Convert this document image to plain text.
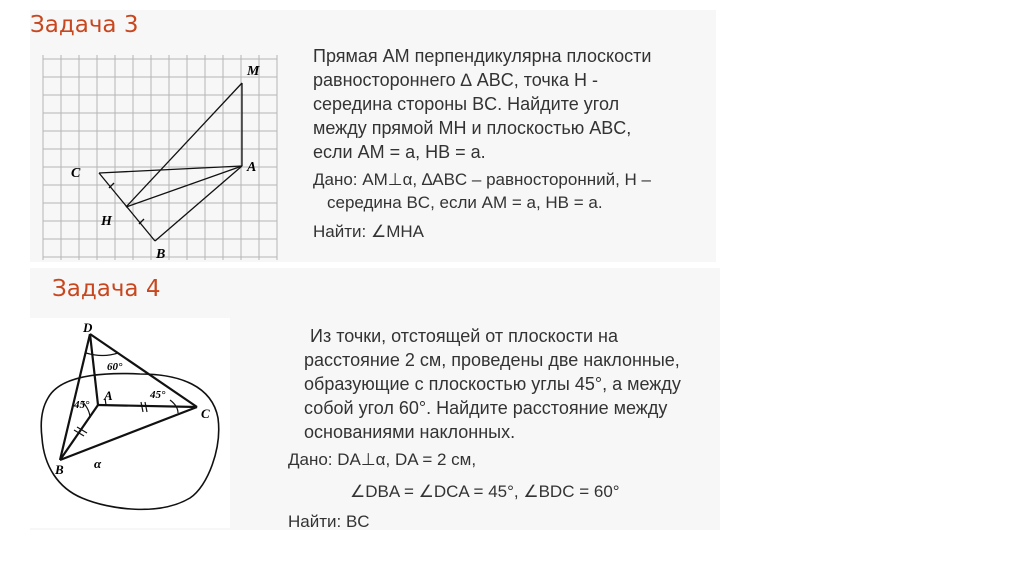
Задача 3
M
A
C
H
B
Прямая AM перпендикулярна плоскости
равностороннего ∆ ABC, точка H -
середина стороны BC. Найдите угол
между прямой MH и плоскостью ABC,
если AM = a, HB = a.
Дано: AM⊥α, ∆ABC – равносторонний, H –
середина BC, если AM = a, HB = a.
Найти: ∠MHA
Задача 4
D
A
B
C
α
60°
45°
45°
Из точки, отстоящей от плоскости на
расстояние 2 см, проведены две наклонные,
образующие с плоскостью углы 45°, а между
собой угол 60°. Найдите расстояние между
основаниями наклонных.
Дано: DA⊥α, DA = 2 см,
∠DBA = ∠DCA = 45°, ∠BDC = 60°
Найти: BC
